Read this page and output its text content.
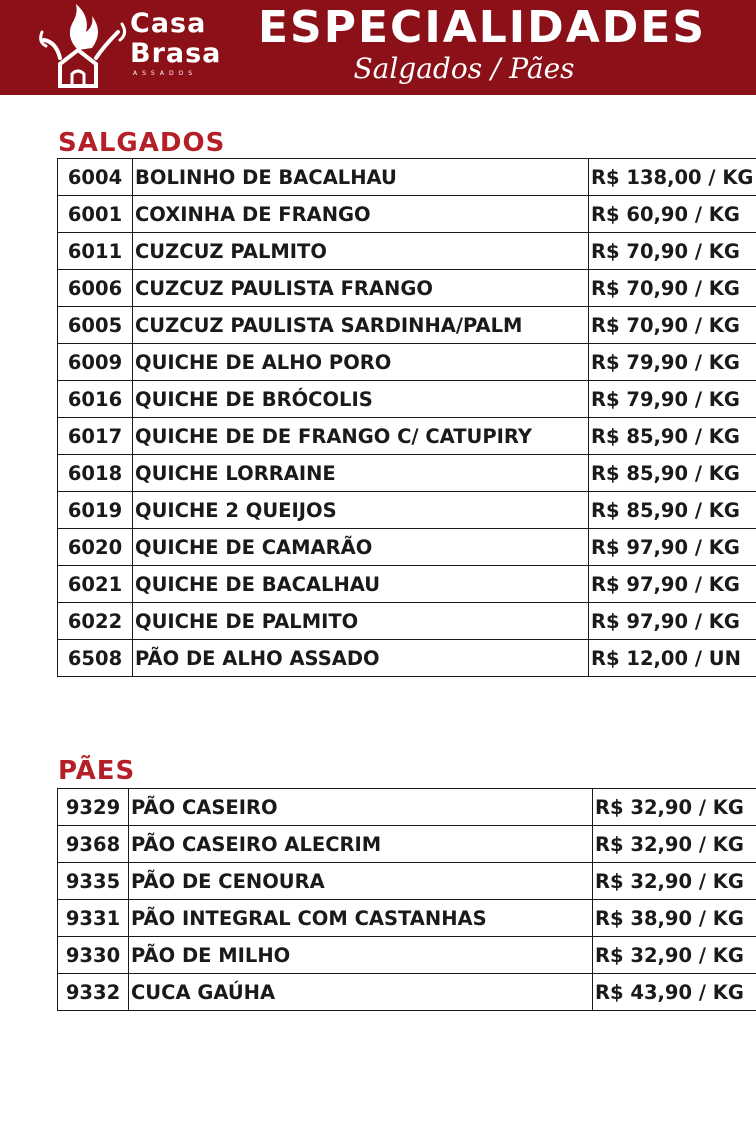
Casa
Brasa
ASSADOS
ESPECIALIDADES
Salgados / Pães
SALGADOS
6004	BOLINHO DE BACALHAU	R$ 138,00 / KG
6001	COXINHA DE FRANGO	R$ 60,90 / KG
6011	CUZCUZ PALMITO	R$ 70,90 / KG
6006	CUZCUZ PAULISTA FRANGO	R$ 70,90 / KG
6005	CUZCUZ PAULISTA SARDINHA/PALM	R$ 70,90 / KG
6009	QUICHE DE ALHO PORO	R$ 79,90 / KG
6016	QUICHE DE BRÓCOLIS	R$ 79,90 / KG
6017	QUICHE DE DE FRANGO C/ CATUPIRY	R$ 85,90 / KG
6018	QUICHE LORRAINE	R$ 85,90 / KG
6019	QUICHE 2 QUEIJOS	R$ 85,90 / KG
6020	QUICHE DE CAMARÃO	R$ 97,90 / KG
6021	QUICHE DE BACALHAU	R$ 97,90 / KG
6022	QUICHE DE PALMITO	R$ 97,90 / KG
6508	PÃO DE ALHO ASSADO	R$ 12,00 / UN
PÃES
9329	PÃO CASEIRO	R$ 32,90 / KG
9368	PÃO CASEIRO ALECRIM	R$ 32,90 / KG
9335	PÃO DE CENOURA	R$ 32,90 / KG
9331	PÃO INTEGRAL COM CASTANHAS	R$ 38,90 / KG
9330	PÃO DE MILHO	R$ 32,90 / KG
9332	CUCA GAÚHA	R$ 43,90 / KG
